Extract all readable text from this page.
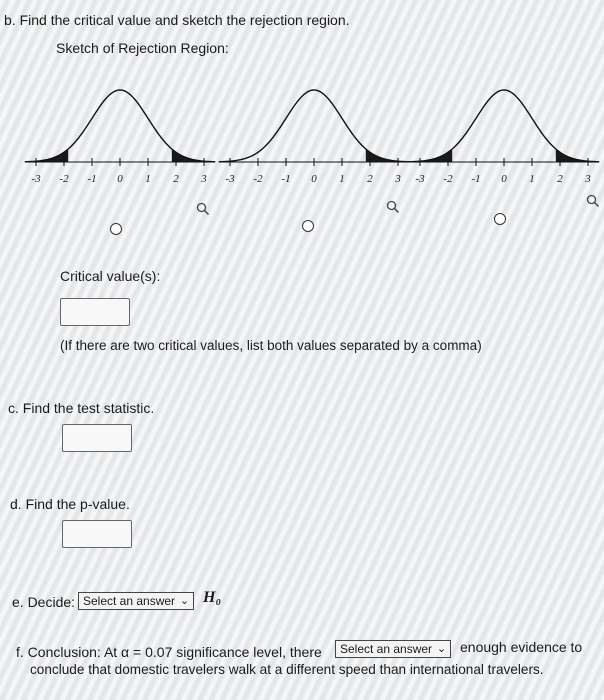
b. Find the critical value and sketch the rejection region.
Sketch of Rejection Region:
-3 -2 -1 0 1 2 3 -3 -2 -1 0 1 2 3 -3 -2 -1 0 1 2 3
Critical value(s):
(If there are two critical values, list both values separated by a comma)
c. Find the test statistic.
d. Find the p-value.
e. Decide: Select an answer ⌄ H₀
f. Conclusion: At α = 0.07 significance level, there	Select an answer ⌄ enough evidence to
conclude that domestic travelers walk at a different speed than international travelers.
